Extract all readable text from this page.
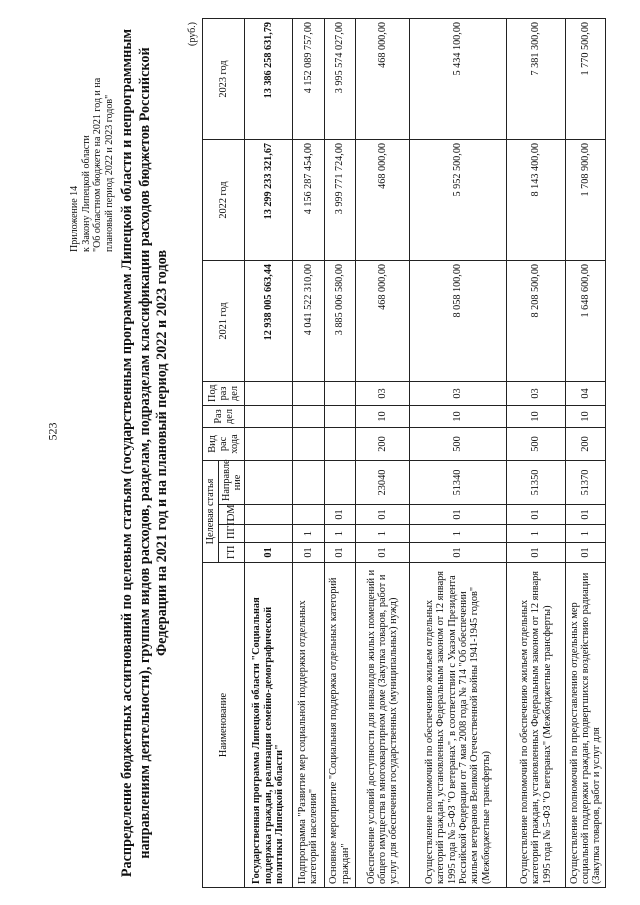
523
Приложение 14 к Закону Липецкой области "Об областном бюджете на 2021 год и на плановый период 2022 и 2023 годов" Распределение бюджетных ассигнований по целевым статьям (государственным программам Липецкой области и непрограммным направлениям деятельности), группам видов расходов, разделам, подразделам классификации расходов бюджетов Российской Федерации на 2021 год и на плановый период 2022 и 2023 годов
(руб.)
Наименование	Целевая статья				Вид рас хода	Раз дел	Под раз дел	2021 год	2022 год	2023 год
	ГП	ПГП	ОМ	Направле ние						
Государственная программа Липецкой области "Социальная поддержка граждан, реализация семейно-демографической политики Липецкой области"	01							12 938 005 663,44	13 299 233 321,67	13 386 258 631,79
Подпрограмма "Развитие мер социальной поддержки отдельных категорий населения"	01	1						4 041 522 310,00	4 156 287 454,00	4 152 089 757,00
Основное мероприятие "Социальная поддержка отдельных категорий граждан"	01	1	01					3 885 006 580,00	3 999 771 724,00	3 995 574 027,00
Обеспечение условий доступности для инвалидов жилых помещений и общего имущества в многоквартирном доме (Закупка товаров, работ и услуг для обеспечения государственных (муниципальных) нужд)	01	1	01	23040	200	10	03	468 000,00	468 000,00	468 000,00
Осуществление полномочий по обеспечению жильем отдельных категорий граждан, установленных Федеральным законом от 12 января 1995 года № 5-ФЗ "О ветеранах", в соответствии с Указом Президента Российской Федерации от 7 мая 2008 года № 714 "Об обеспечении жильем ветеранов Великой Отечественной войны 1941-1945 годов" (Межбюджетные трансферты)	01	1	01	51340	500	10	03	8 058 100,00	5 952 500,00	5 434 100,00
Осуществление полномочий по обеспечению жильем отдельных категорий граждан, установленных Федеральным законом от 12 января 1995 года № 5-ФЗ "О ветеранах" (Межбюджетные трансферты)	01	1	01	51350	500	10	03	8 208 500,00	8 143 400,00	7 381 300,00
Осуществление полномочий по предоставлению отдельных мер социальной поддержки граждан, подвергшихся воздействию радиации (Закупка товаров, работ и услуг для	01	1	01	51370	200	10	04	1 648 600,00	1 708 900,00	1 770 500,00
